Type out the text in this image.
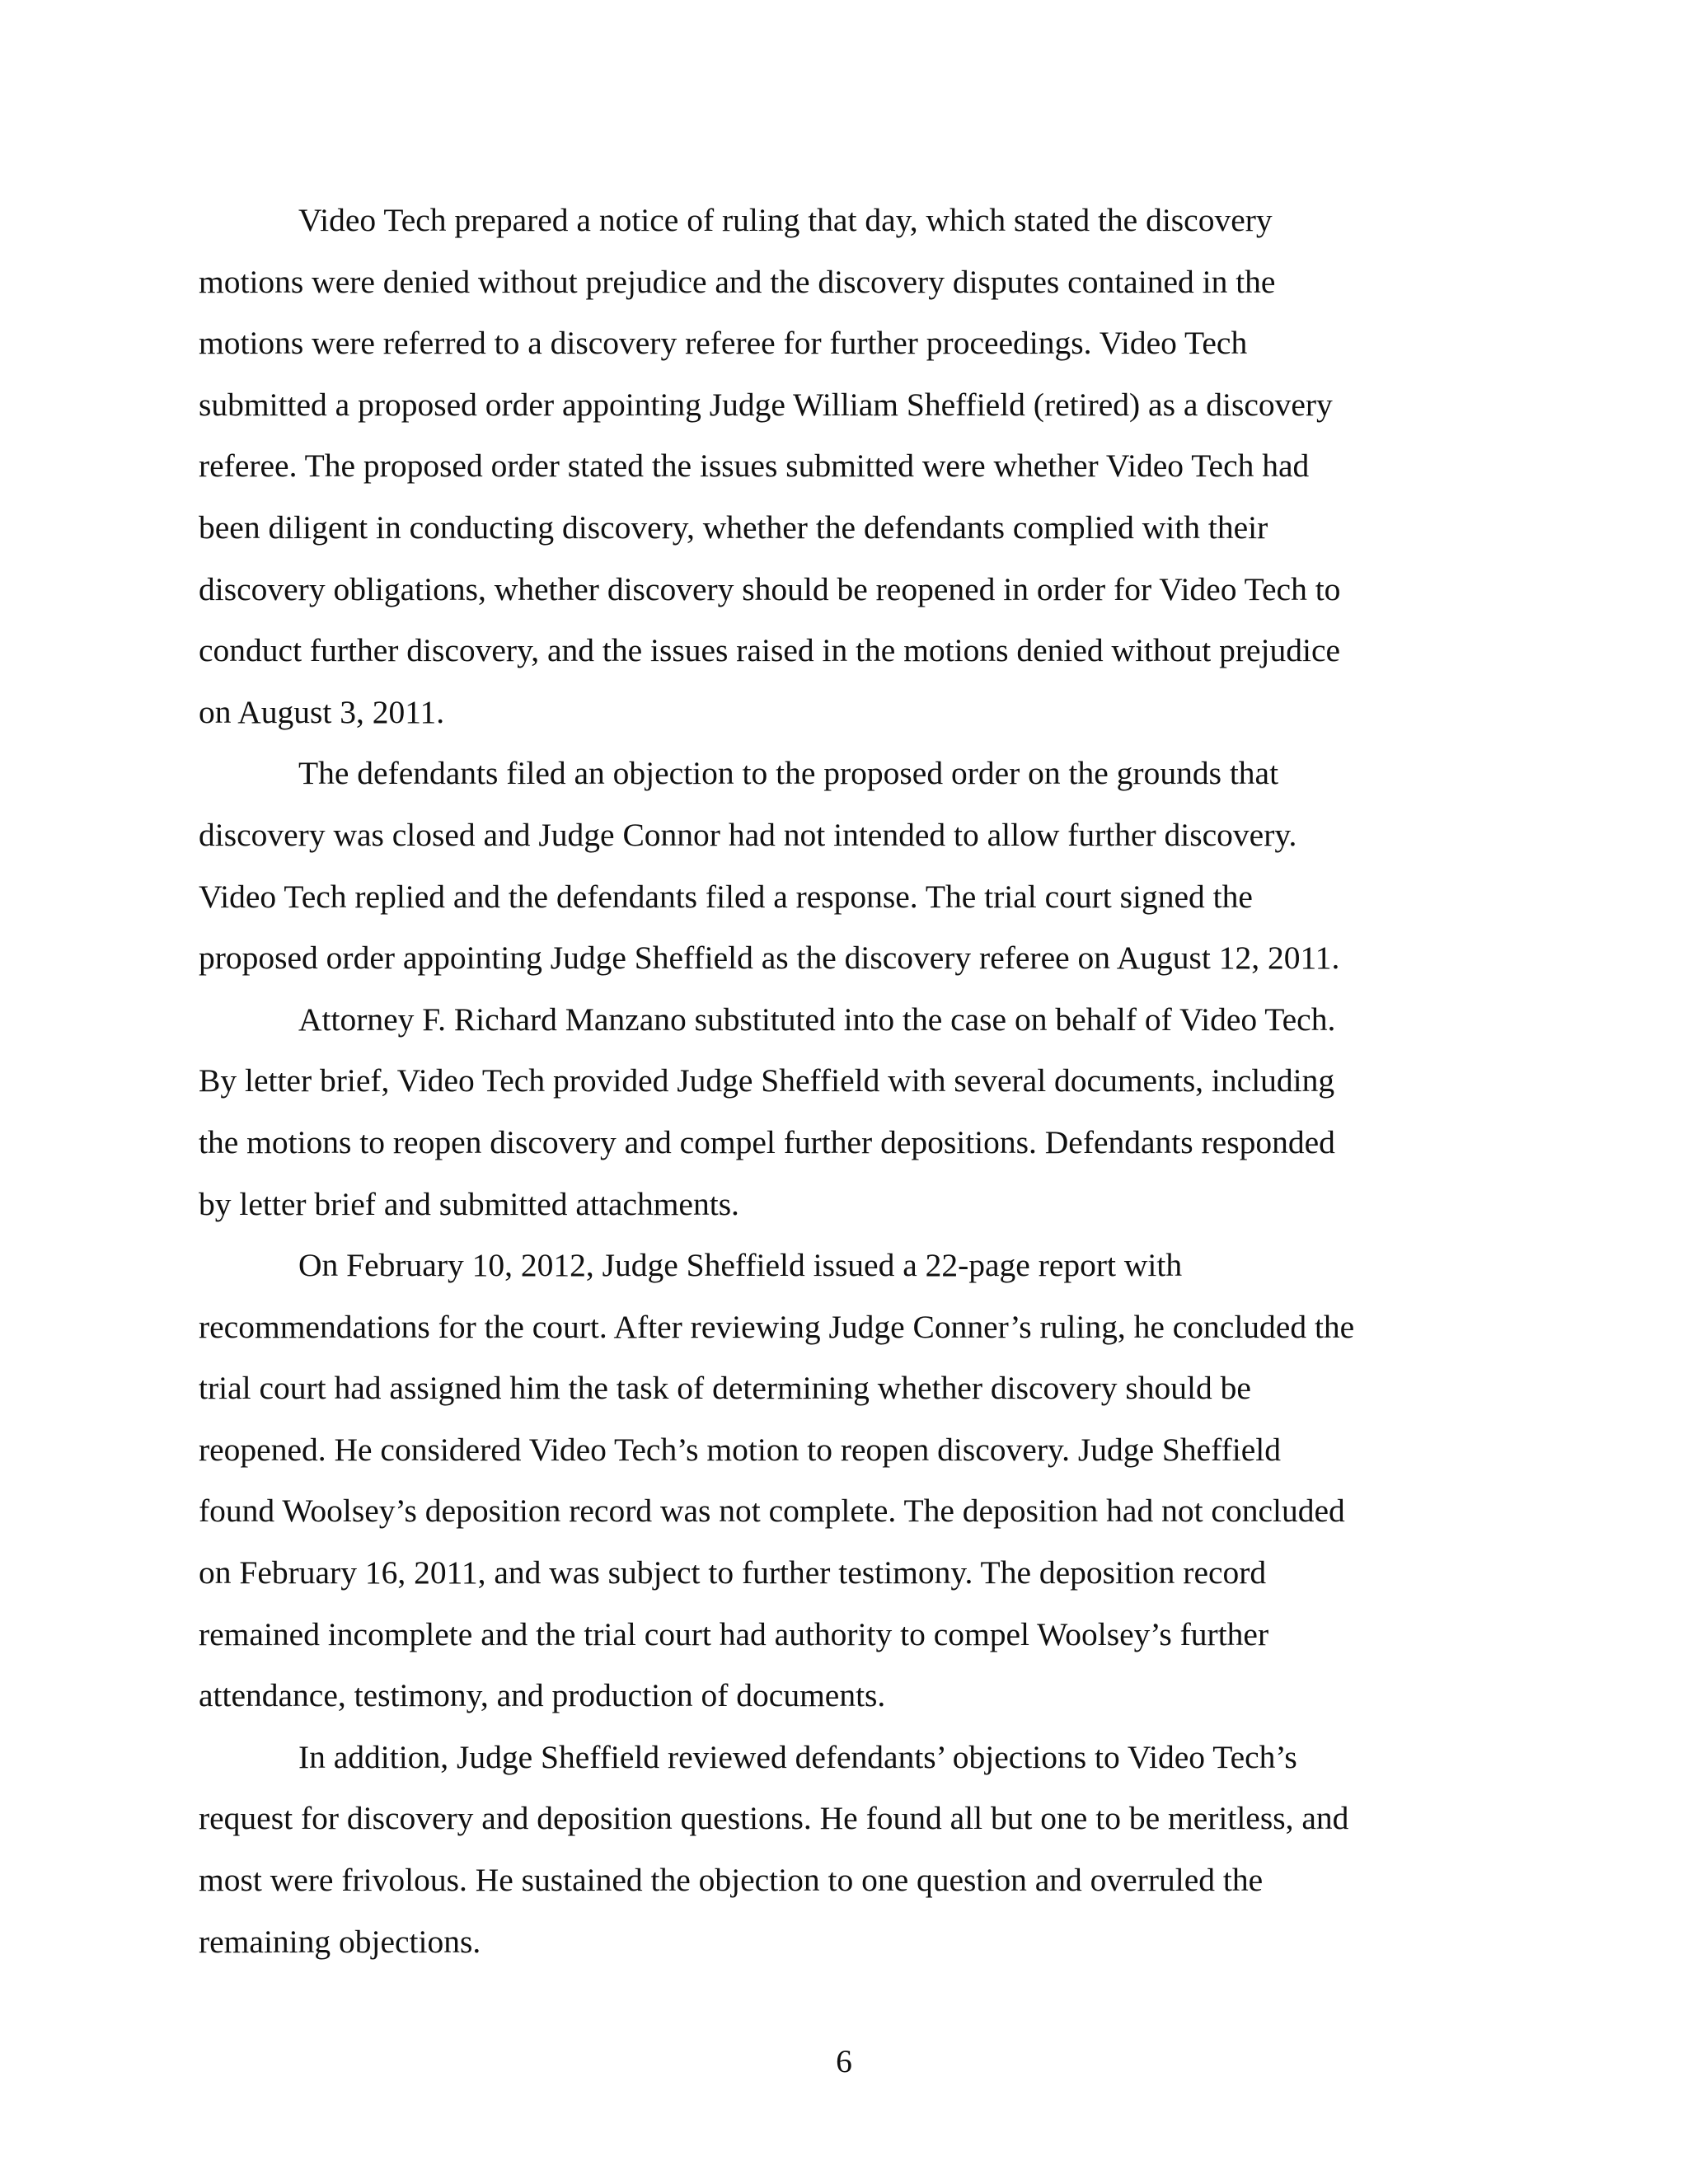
Video Tech prepared a notice of ruling that day, which stated the discovery
motions were denied without prejudice and the discovery disputes contained in the
motions were referred to a discovery referee for further proceedings. Video Tech
submitted a proposed order appointing Judge William Sheffield (retired) as a discovery
referee. The proposed order stated the issues submitted were whether Video Tech had
been diligent in conducting discovery, whether the defendants complied with their
discovery obligations, whether discovery should be reopened in order for Video Tech to
conduct further discovery, and the issues raised in the motions denied without prejudice
on August 3, 2011.

The defendants filed an objection to the proposed order on the grounds that
discovery was closed and Judge Connor had not intended to allow further discovery.
Video Tech replied and the defendants filed a response. The trial court signed the
proposed order appointing Judge Sheffield as the discovery referee on August 12, 2011.

Attorney F. Richard Manzano substituted into the case on behalf of Video Tech.
By letter brief, Video Tech provided Judge Sheffield with several documents, including
the motions to reopen discovery and compel further depositions. Defendants responded
by letter brief and submitted attachments.

On February 10, 2012, Judge Sheffield issued a 22-page report with
recommendations for the court. After reviewing Judge Conner’s ruling, he concluded the
trial court had assigned him the task of determining whether discovery should be
reopened. He considered Video Tech’s motion to reopen discovery. Judge Sheffield
found Woolsey’s deposition record was not complete. The deposition had not concluded
on February 16, 2011, and was subject to further testimony. The deposition record
remained incomplete and the trial court had authority to compel Woolsey’s further
attendance, testimony, and production of documents.

In addition, Judge Sheffield reviewed defendants’ objections to Video Tech’s
request for discovery and deposition questions. He found all but one to be meritless, and
most were frivolous. He sustained the objection to one question and overruled the
remaining objections.

6
